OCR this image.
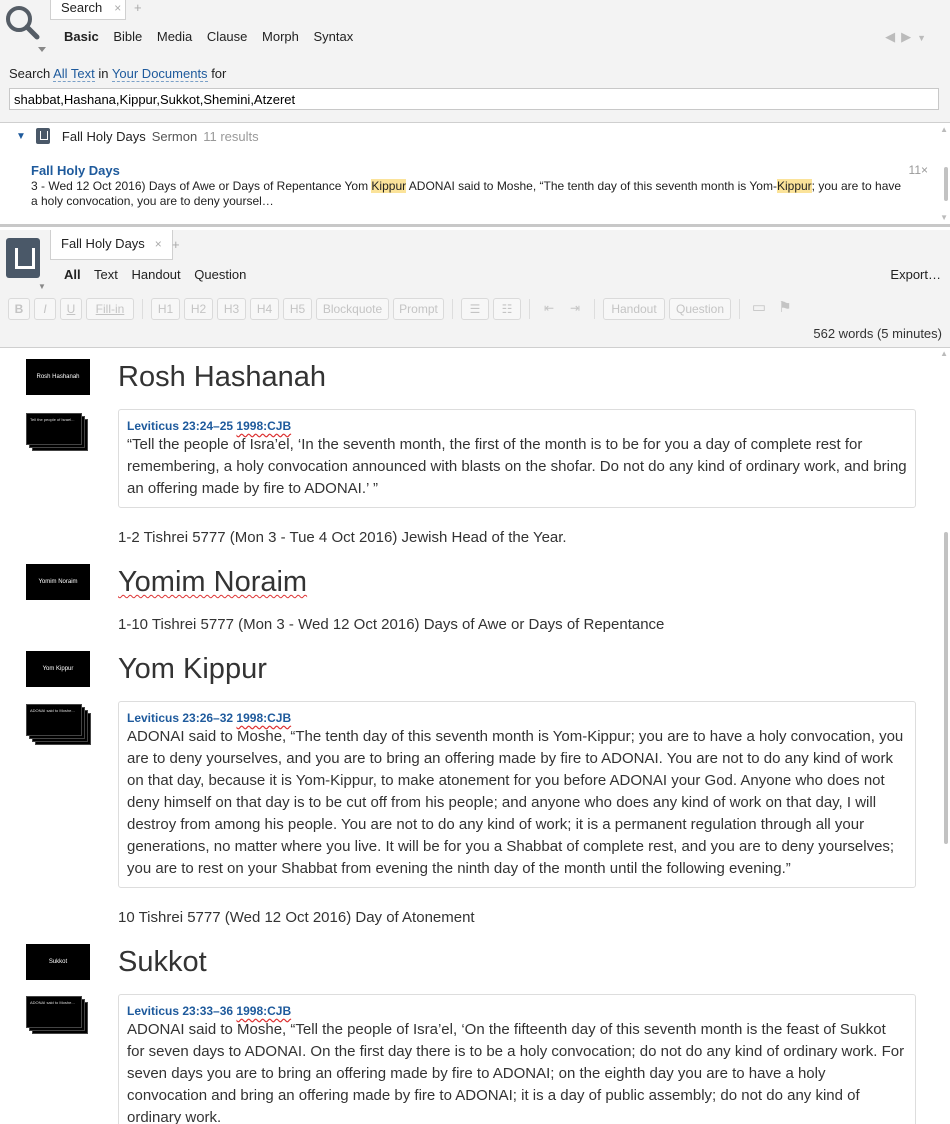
Search × +
Basic Bible Media Clause Morph Syntax	◀▶▼
Search All Text in Your Documents for
shabbat,Hashana,Kippur,Sukkot,Shemini,Atzeret
▼	Fall Holy Days Sermon 11 results
Fall Holy Days	11×
3 - Wed 12 Oct 2016) Days of Awe or Days of Repentance Yom Kippur ADONAI said to Moshe, “The tenth day of this seventh month is Yom-Kippur; you are to have a holy convocation, you are to deny yoursel…
▲
▼
▼
Fall Holy Days × +
All Text Handout Question	Export…
B	I	U	Fill-in	H1	H2	H3	H4	H5	Blockquote	Prompt	☰	☷	⇤	⇥	Handout	Question	▭ ⚑
562 words (5 minutes)
Rosh Hashanah	Rosh Hashanah
Tell the people of Israel...	Leviticus 23:24–25 1998:CJB
“Tell the people of Isra’el, ‘In the seventh month, the first of the month is to be for you a day of complete rest for remembering, a holy convocation announced with blasts on the shofar. Do not do any kind of ordinary work, and bring an offering made by fire to ADONAI.’ ”

1-2 Tishrei 5777 (Mon 3 - Tue 4 Oct 2016) Jewish Head of the Year.

Yomim Noraim	Yomim Noraim

1-10 Tishrei 5777 (Mon 3 - Wed 12 Oct 2016) Days of Awe or Days of Repentance

Yom Kippur	Yom Kippur
ADONAI said to Moshe...
Leviticus 23:26–32 1998:CJB
ADONAI said to Moshe, “The tenth day of this seventh month is Yom-Kippur; you are to have a holy convocation, you are to deny yourselves, and you are to bring an offering made by fire to ADONAI. You are not to do any kind of work on that day, because it is Yom-Kippur, to make atonement for you before ADONAI your God. Anyone who does not deny himself on that day is to be cut off from his people; and anyone who does any kind of work on that day, I will destroy from among his people. You are not to do any kind of work; it is a permanent regulation through all your generations, no matter where you live. It will be for you a Shabbat of complete rest, and you are to deny yourselves; you are to rest on your Shabbat from evening the ninth day of the month until the following evening.”

10 Tishrei 5777 (Wed 12 Oct 2016) Day of Atonement

Sukkot	Sukkot
ADONAI said to Moshe...
Leviticus 23:33–36 1998:CJB
ADONAI said to Moshe, “Tell the people of Isra’el, ‘On the fifteenth day of this seventh month is the feast of Sukkot for seven days to ADONAI. On the first day there is to be a holy convocation; do not do any kind of ordinary work. For seven days you are to bring an offering made by fire to ADONAI; on the eighth day you are to have a holy convocation and bring an offering made by fire to ADONAI; it is a day of public assembly; do not do any kind of ordinary work.
▲
